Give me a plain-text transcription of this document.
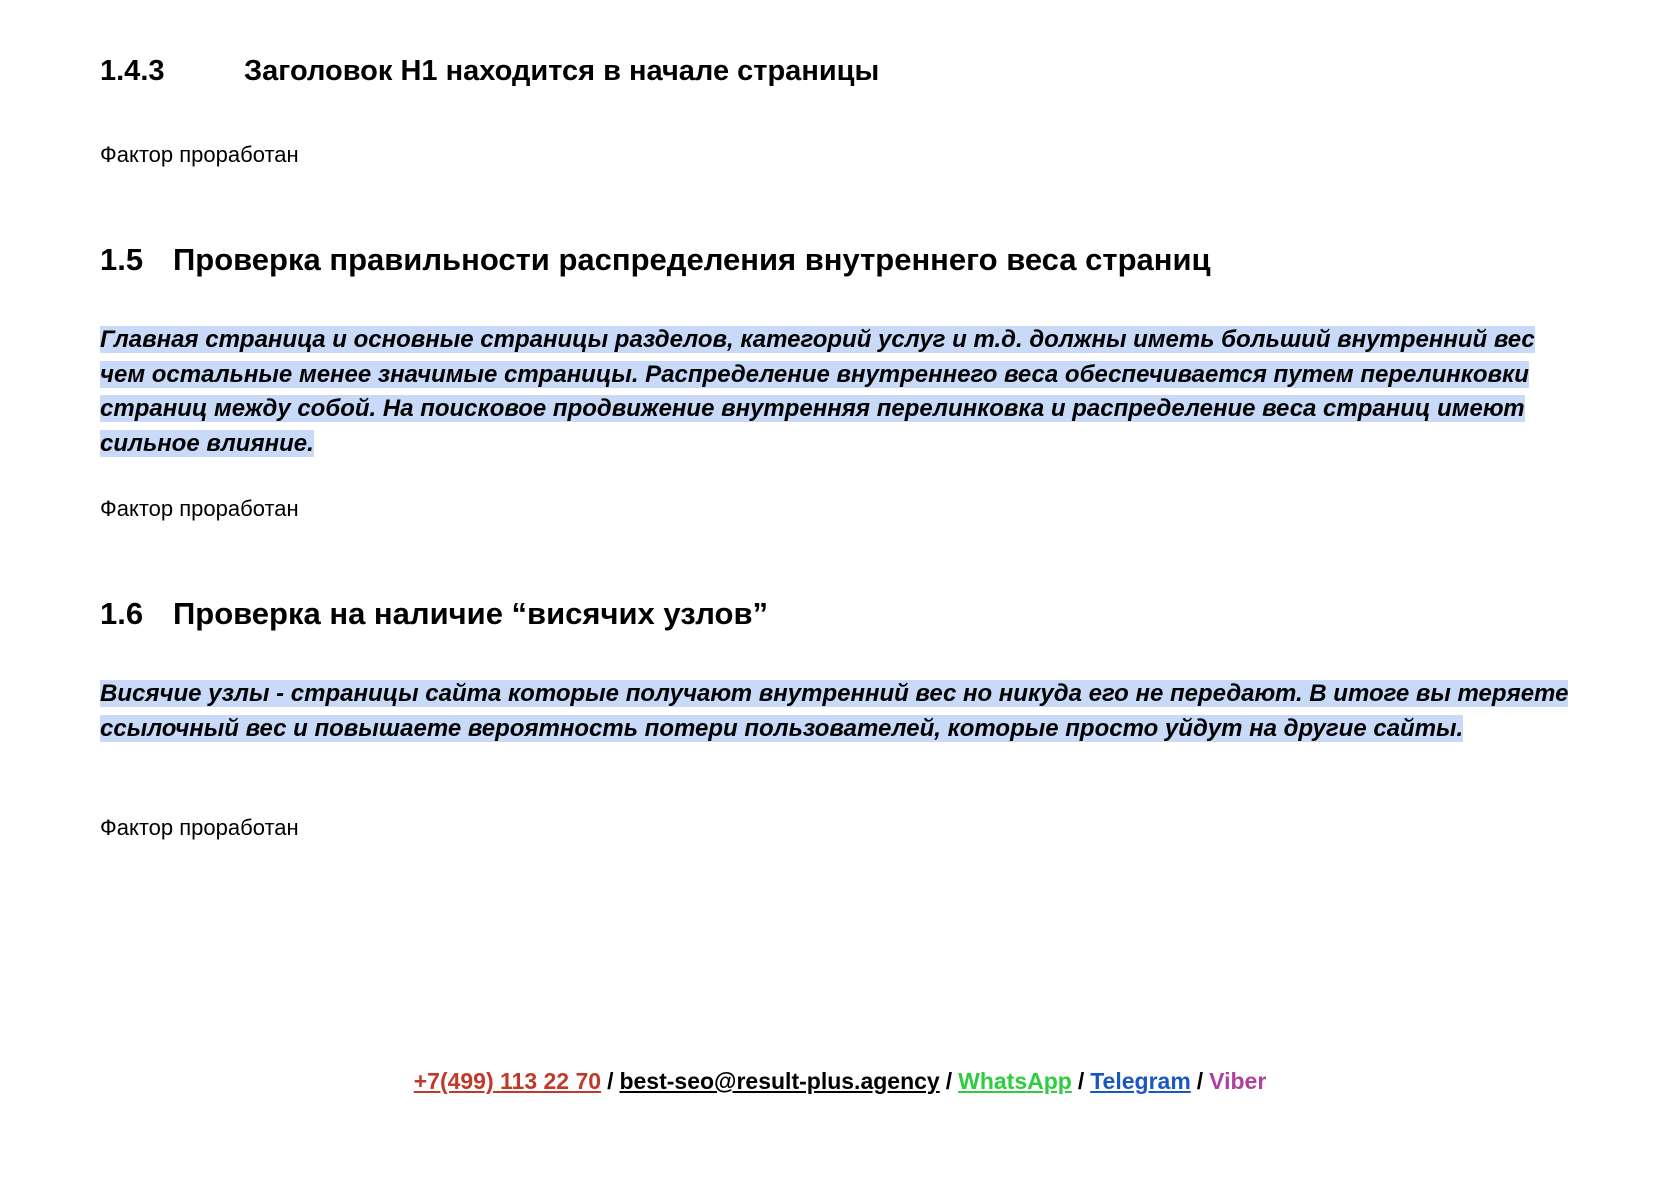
1.4.3	Заголовок H1 находится в начале страницы
Фактор проработан
1.5 Проверка правильности распределения внутреннего веса страниц

Главная страница и основные страницы разделов, категорий услуг и т.д. должны иметь больший внутренний вес чем остальные менее значимые страницы. Распределение внутреннего веса обеспечивается путем перелинковки страниц между собой. На поисковое продвижение внутренняя перелинковка и распределение веса страниц имеют сильное влияние.

Фактор проработан
1.6 Проверка на наличие “висячих узлов”

Висячие узлы - страницы сайта которые получают внутренний вес но никуда его не передают. В итоге вы теряете ссылочный вес и повышаете вероятность потери пользователей, которые просто уйдут на другие сайты.

Фактор проработан
+7(499) 113 22 70 / best-seo@result-plus.agency / WhatsApp / Telegram / Viber
